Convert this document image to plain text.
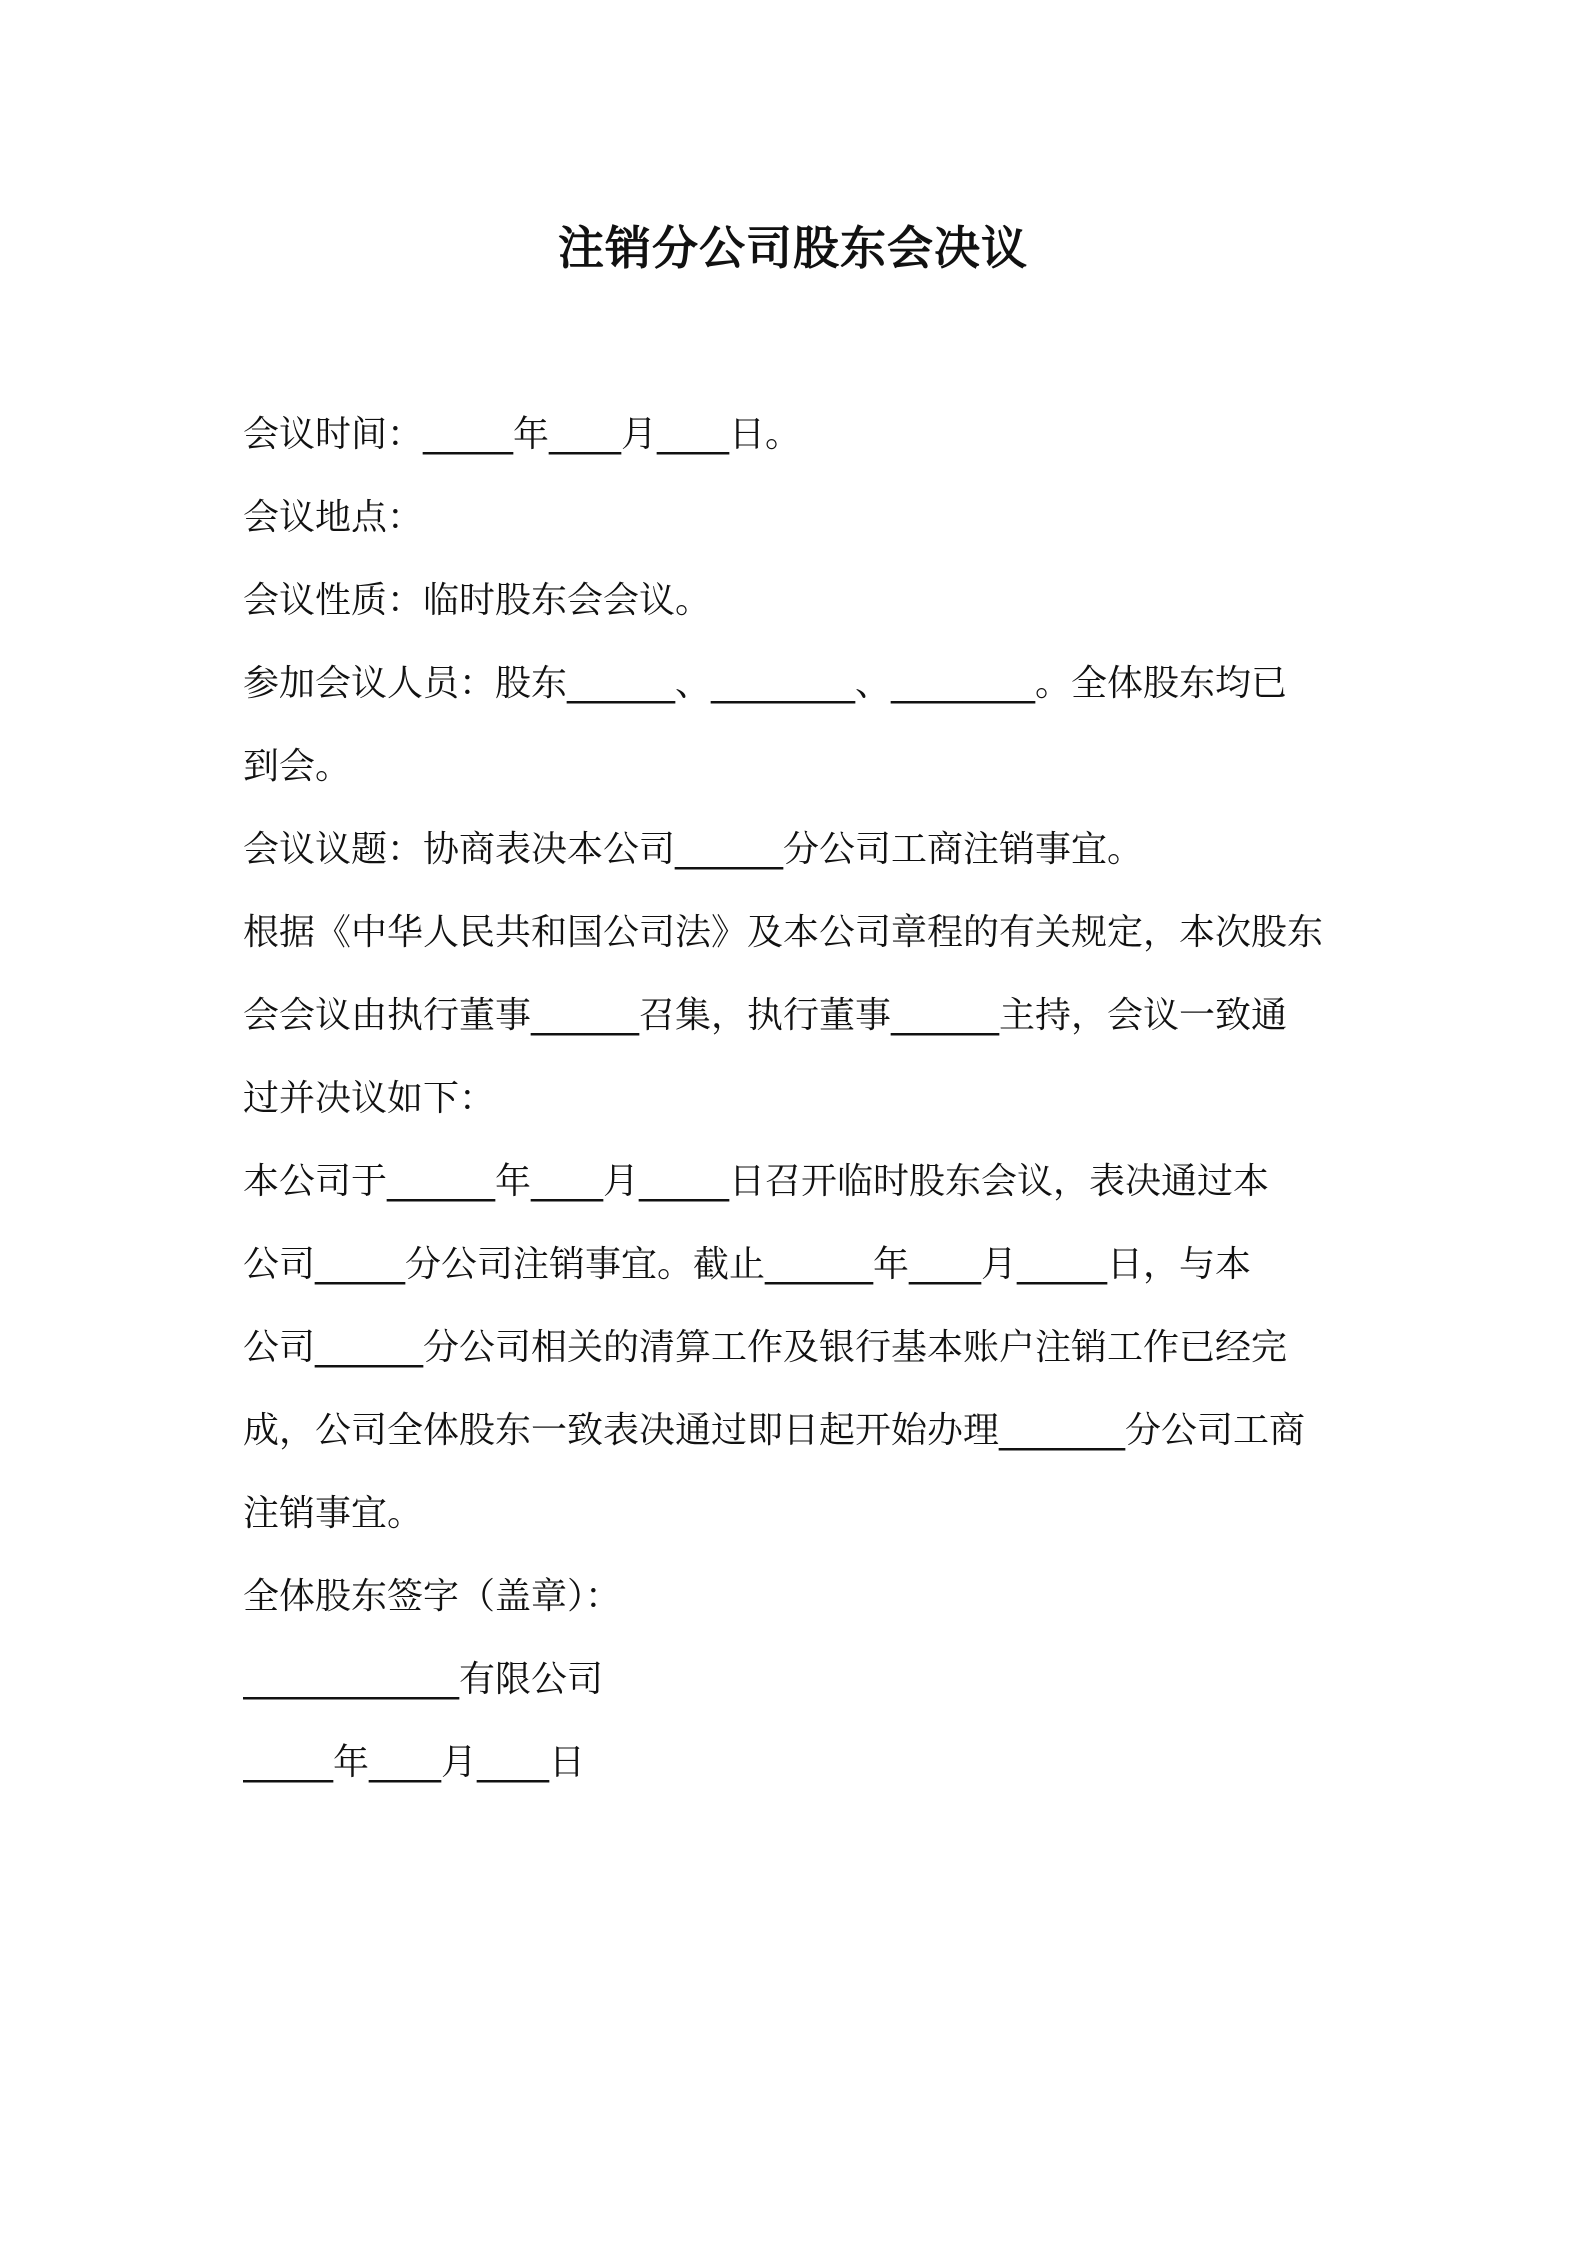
注销分公司股东会决议
会议时间：_____年____月____日。
会议地点：
会议性质：临时股东会会议。
参加会议人员：股东______、________、________。全体股东均已
到会。
会议议题：协商表决本公司______分公司工商注销事宜。
根据《中华人民共和国公司法》及本公司章程的有关规定，本次股东
会会议由执行董事______召集，执行董事______主持，会议一致通
过并决议如下：
本公司于______年____月_____日召开临时股东会议，表决通过本
公司_____分公司注销事宜。截止______年____月_____日，与本
公司______分公司相关的清算工作及银行基本账户注销工作已经完
成，公司全体股东一致表决通过即日起开始办理_______分公司工商
注销事宜。
全体股东签字（盖章）：
____________有限公司
_____年____月____日
